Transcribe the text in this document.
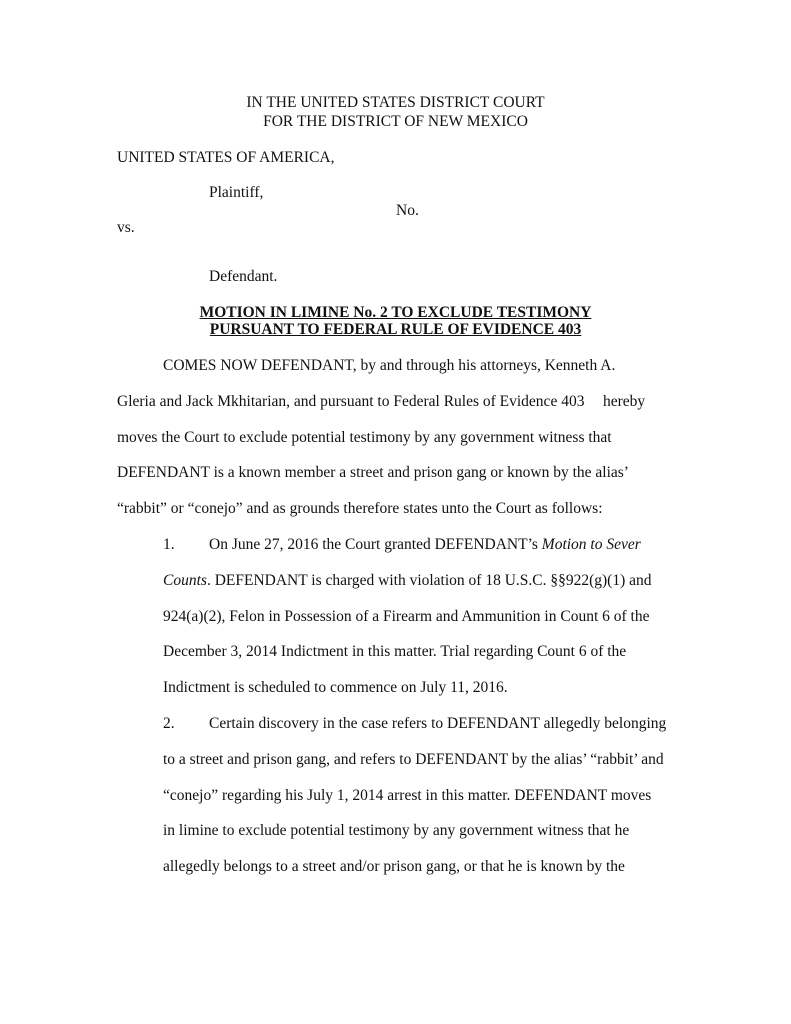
IN THE UNITED STATES DISTRICT COURT
FOR THE DISTRICT OF NEW MEXICO
UNITED STATES OF AMERICA,
Plaintiff,
No.
vs.
Defendant.
MOTION IN LIMINE No. 2 TO EXCLUDE TESTIMONY
PURSUANT TO FEDERAL RULE OF EVIDENCE 403
COMES NOW DEFENDANT, by and through his attorneys, Kenneth A.
Gleria and Jack Mkhitarian, and pursuant to Federal Rules of Evidence 403 hereby
moves the Court to exclude potential testimony by any government witness that
DEFENDANT is a known member a street and prison gang or known by the alias’
“rabbit” or “conejo” and as grounds therefore states unto the Court as follows:
1. On June 27, 2016 the Court granted DEFENDANT’s Motion to Sever
Counts. DEFENDANT is charged with violation of 18 U.S.C. §§922(g)(1) and
924(a)(2), Felon in Possession of a Firearm and Ammunition in Count 6 of the
December 3, 2014 Indictment in this matter. Trial regarding Count 6 of the
Indictment is scheduled to commence on July 11, 2016.
2. Certain discovery in the case refers to DEFENDANT allegedly belonging
to a street and prison gang, and refers to DEFENDANT by the alias’ “rabbit’ and
“conejo” regarding his July 1, 2014 arrest in this matter. DEFENDANT moves
in limine to exclude potential testimony by any government witness that he
allegedly belongs to a street and/or prison gang, or that he is known by the
